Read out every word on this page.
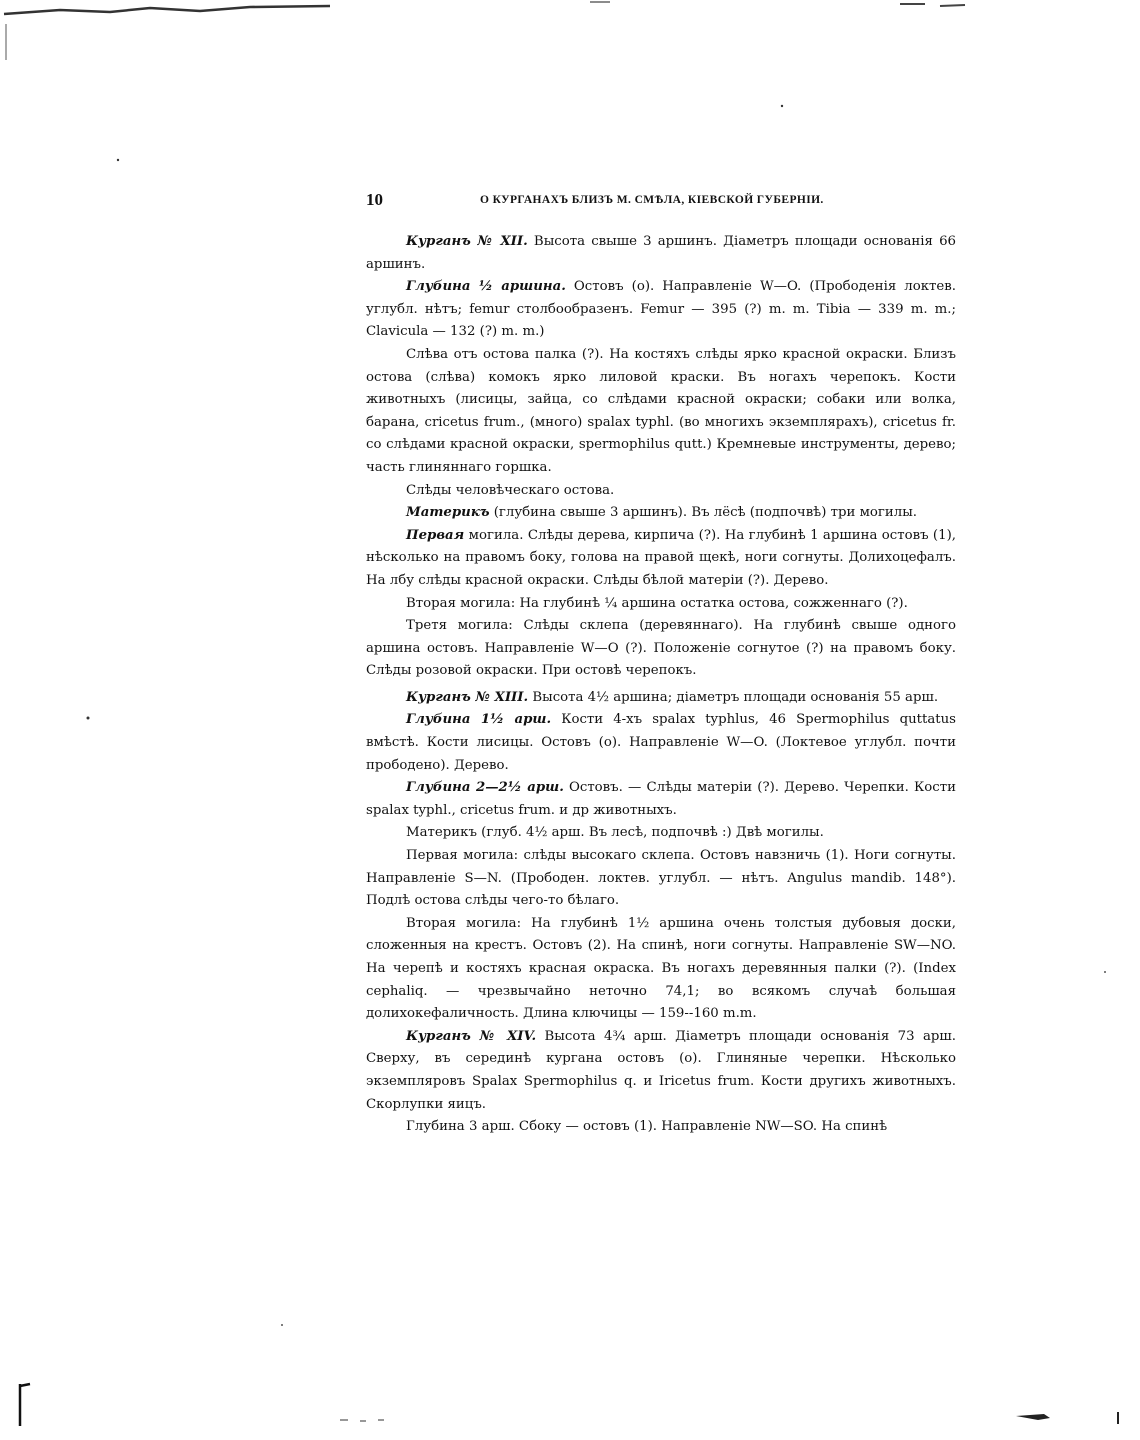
10	О КУРГАНАХЪ БЛИЗЪ М. СМѢЛА, КІЕВСКОЙ ГУБЕРНІИ.

Курганъ № XII. Высота свыше 3 аршинъ. Діаметръ площади основанія 66 аршинъ.

Глубина ½ аршина. Остовъ (о). Направленіе W—O. (Прободенія локтев. углубл. нѣтъ; femur столбообразенъ. Femur — 395 (?) m. m. Tibia — 339 m. m.; Clavicula — 132 (?) m. m.)

Слѣва отъ остова палка (?). На костяхъ слѣды ярко красной окраски. Близъ остова (слѣва) комокъ ярко лиловой краски. Въ ногахъ черепокъ. Кости животныхъ (лисицы, зайца, со слѣдами красной окраски; собаки или волка, барана, cricetus frum., (много) spalax typhl. (во многихъ экземплярахъ), cricetus fr. со слѣдами красной окраски, spermophilus qutt.) Кремневые инструменты, дерево; часть глиняннаго горшка.

Слѣды человѣческаго остова.

Материкъ (глубина свыше 3 аршинъ). Въ лёсѣ (подпочвѣ) три могилы.

Первая могила. Слѣды дерева, кирпича (?). На глубинѣ 1 аршина остовъ (1), нѣсколько на правомъ боку, голова на правой щекѣ, ноги согнуты. Долихоцефалъ. На лбу слѣды красной окраски. Слѣды бѣлой матеріи (?). Дерево.

Вторая могила: На глубинѣ ¼ аршина остатка остова, сожженнаго (?).

Третя могила: Слѣды склепа (деревяннаго). На глубинѣ свыше одного аршина остовъ. Направленіе W—O (?). Положеніе согнутое (?) на правомъ боку. Слѣды розовой окраски. При остовѣ черепокъ.

Курганъ № XIII. Высота 4½ аршина; діаметръ площади основанія 55 арш.

Глубина 1½ арш. Кости 4-хъ spalax typhlus, 46 Spermophilus quttatus вмѣстѣ. Кости лисицы. Остовъ (о). Направленіе W—O. (Локтевое углубл. почти прободено). Дерево.

Глубина 2—2½ арш. Остовъ. — Слѣды матеріи (?). Дерево. Черепки. Кости spalax typhl., cricetus frum. и др животныхъ.

Материкъ (глуб. 4½ арш. Въ лесѣ, подпочвѣ :) Двѣ могилы.

Первая могила: слѣды высокаго склепа. Остовъ навзничь (1). Ноги согнуты. Направленіе S—N. (Прободен. локтев. углубл. — нѣтъ. Angulus mandib. 148°). Подлѣ остова слѣды чего-то бѣлаго.

Вторая могила: На глубинѣ 1½ аршина очень толстыя дубовыя доски, сложенныя на крестъ. Остовъ (2). На спинѣ, ноги согнуты. Направленіе SW—NO. На черепѣ и костяхъ красная окраска. Въ ногахъ деревянныя палки (?). (Index cephaliq. — чрезвычайно неточно 74,1; во всякомъ случаѣ большая долихокефаличность. Длина ключицы — 159--160 m.m.

Курганъ № XIV. Высота 4¾ арш. Діаметръ площади основанія 73 арш. Сверху, въ серединѣ кургана остовъ (о). Глиняные черепки. Нѣсколько экземпляровъ Spalax Spermophilus q. и Iricetus frum. Кости другихъ животныхъ. Скорлупки яицъ.

Глубина 3 арш. Сбоку — остовъ (1). Направленіе NW—SO. На спинѣ
